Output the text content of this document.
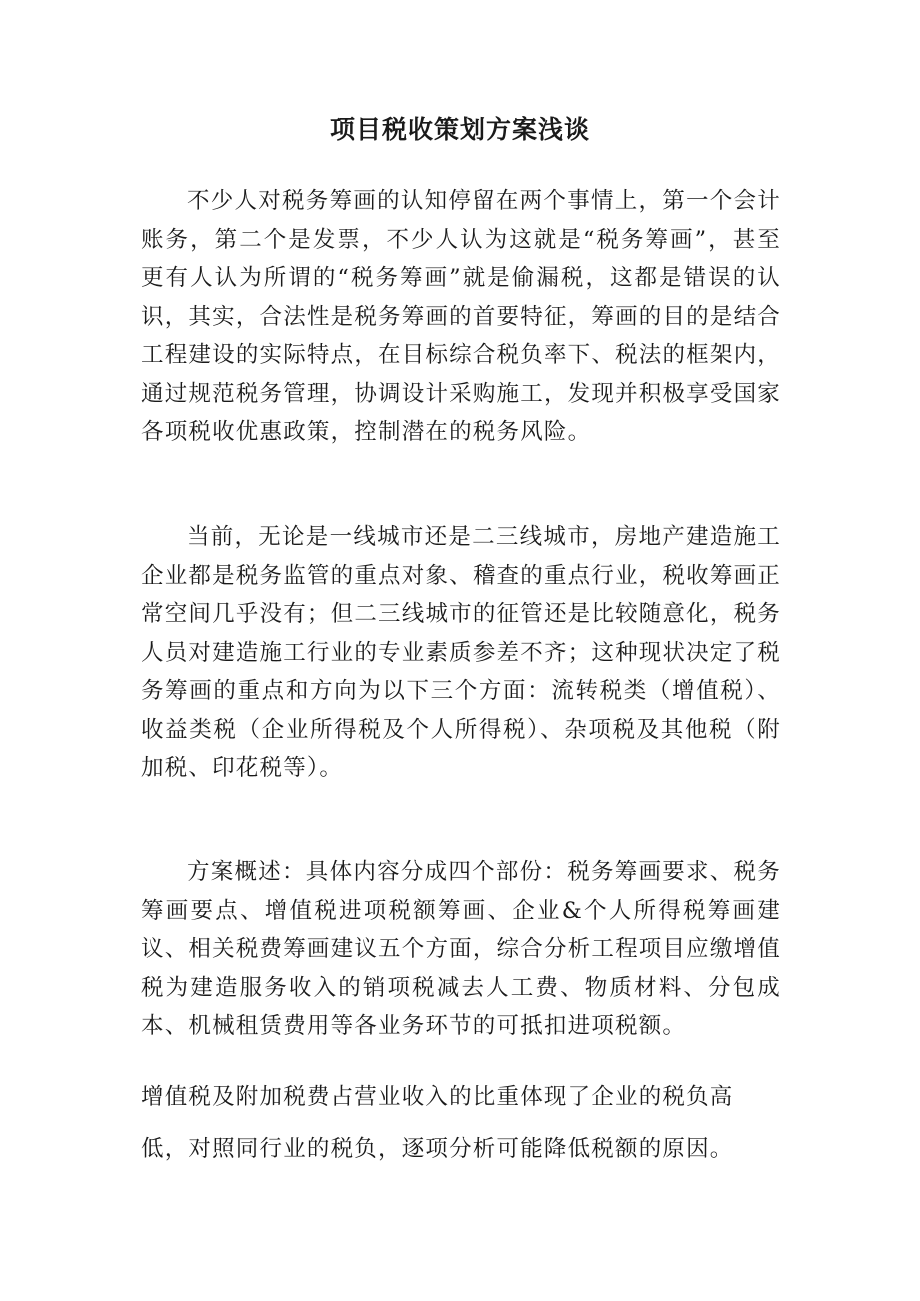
项目税收策划方案浅谈

不少人对税务筹画的认知停留在两个事情上，第一个会计账务，第二个是发票，不少人认为这就是“税务筹画”，甚至更有人认为所谓的“税务筹画”就是偷漏税，这都是错误的认识，其实，合法性是税务筹画的首要特征，筹画的目的是结合工程建设的实际特点，在目标综合税负率下、税法的框架内，通过规范税务管理，协调设计采购施工，发现并积极享受国家各项税收优惠政策，控制潜在的税务风险。

当前，无论是一线城市还是二三线城市，房地产建造施工企业都是税务监管的重点对象、稽查的重点行业，税收筹画正常空间几乎没有；但二三线城市的征管还是比较随意化，税务人员对建造施工行业的专业素质参差不齐；这种现状决定了税务筹画的重点和方向为以下三个方面：流转税类（增值税）、收益类税（企业所得税及个人所得税）、杂项税及其他税（附加税、印花税等）。

方案概述：具体内容分成四个部份：税务筹画要求、税务筹画要点、增值税进项税额筹画、企业&个人所得税筹画建议、相关税费筹画建议五个方面，综合分析工程项目应缴增值税为建造服务收入的销项税减去人工费、物质材料、分包成本、机械租赁费用等各业务环节的可抵扣进项税额。

增值税及附加税费占营业收入的比重体现了企业的税负高

低，对照同行业的税负，逐项分析可能降低税额的原因。
